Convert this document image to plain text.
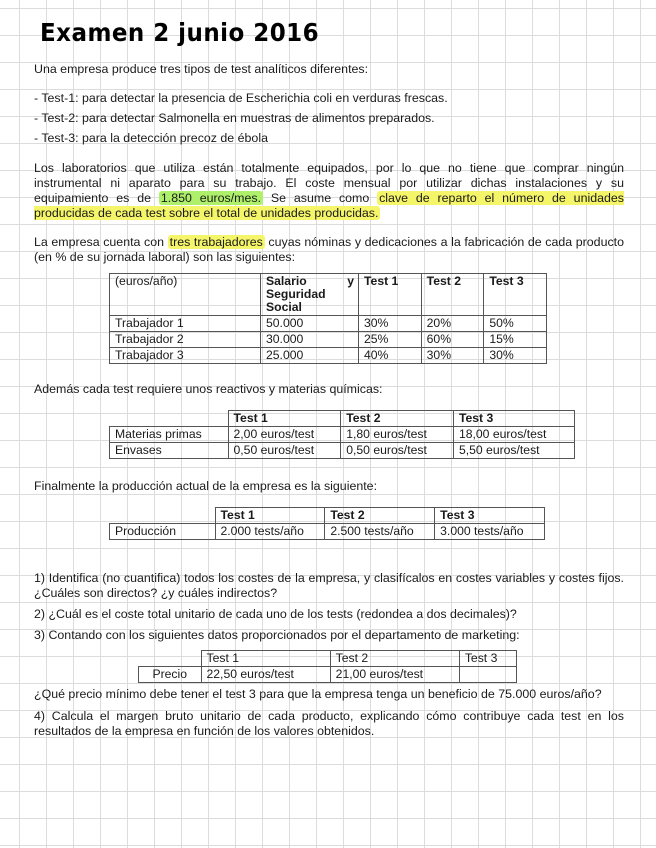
Examen 2 junio 2016

Una empresa produce tres tipos de test analíticos diferentes:

- Test-1: para detectar la presencia de Escherichia coli en verduras frescas.

- Test-2: para detectar Salmonella en muestras de alimentos preparados.

- Test-3: para la detección precoz de ébola

Los laboratorios que utiliza están totalmente equipados, por lo que no tiene que comprar ningún instrumental ni aparato para su trabajo. El coste mensual por utilizar dichas instalaciones y su equipamiento es de 1.850 euros/mes. Se asume como clave de reparto el número de unidades producidas de cada test sobre el total de unidades producidas.

La empresa cuenta con tres trabajadores cuyas nóminas y dedicaciones a la fabricación de cada producto (en % de su jornada laboral) son las siguientes:

(euros/año)	Salario y
Seguridad
Social	Test 1	Test 2	Test 3
Trabajador 1	50.000	30%	20%	50%
Trabajador 2	30.000	25%	60%	15%
Trabajador 3	25.000	40%	30%	30%

Además cada test requiere unos reactivos y materias químicas:

	Test 1	Test 2	Test 3
Materias primas	2,00 euros/test	1,80 euros/test	18,00 euros/test
Envases	0,50 euros/test	0,50 euros/test	5,50 euros/test

Finalmente la producción actual de la empresa es la siguiente:

	Test 1	Test 2	Test 3
Producción	2.000 tests/año	2.500 tests/año	3.000 tests/año

1) Identifica (no cuantifica) todos los costes de la empresa, y clasifícalos en costes variables y costes fijos. ¿Cuáles son directos? ¿y cuáles indirectos?

2) ¿Cuál es el coste total unitario de cada uno de los tests (redondea a dos decimales)?

3) Contando con los siguientes datos proporcionados por el departamento de marketing:

	Test 1	Test 2	Test 3
Precio	22,50 euros/test	21,00 euros/test	

¿Qué precio mínimo debe tener el test 3 para que la empresa tenga un beneficio de 75.000 euros/año?

4) Calcula el margen bruto unitario de cada producto, explicando cómo contribuye cada test en los resultados de la empresa en función de los valores obtenidos.
